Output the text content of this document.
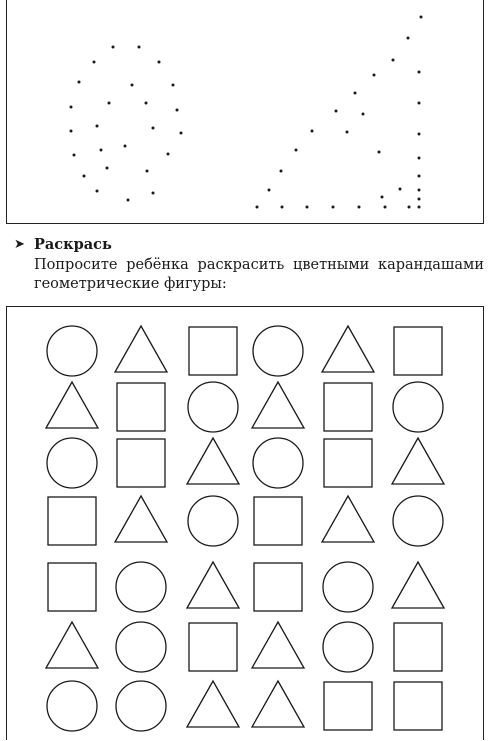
➤ Раскрась
Попросите ребёнка раскрасить цветными карандашами геометрические фигуры:
